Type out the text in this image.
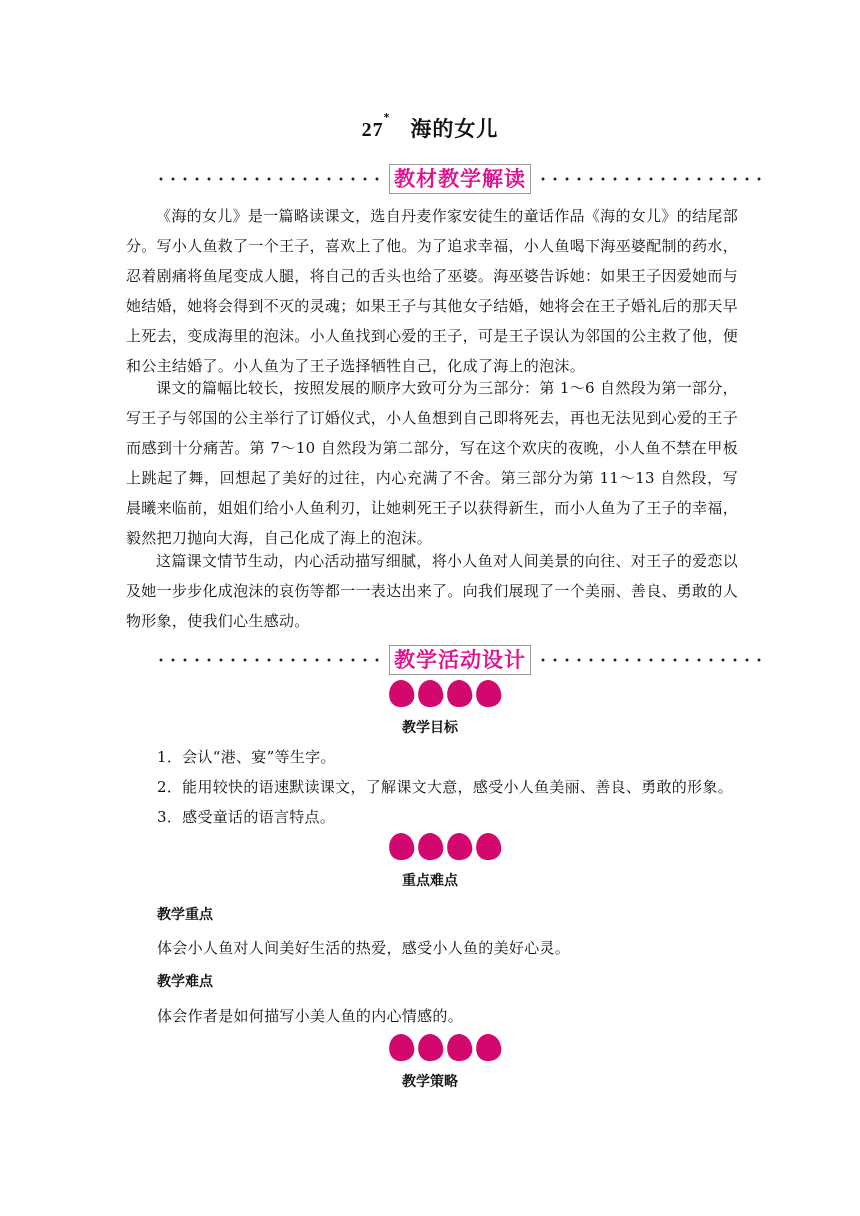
27* 海的女儿
教材教学解读

《海的女儿》是一篇略读课文，选自丹麦作家安徒生的童话作品《海的女儿》的结尾部分。写小人鱼救了一个王子，喜欢上了他。为了追求幸福，小人鱼喝下海巫婆配制的药水，忍着剧痛将鱼尾变成人腿，将自己的舌头也给了巫婆。海巫婆告诉她：如果王子因爱她而与她结婚，她将会得到不灭的灵魂；如果王子与其他女子结婚，她将会在王子婚礼后的那天早上死去，变成海里的泡沫。小人鱼找到心爱的王子，可是王子误认为邻国的公主救了他，便和公主结婚了。小人鱼为了王子选择牺牲自己，化成了海上的泡沫。

课文的篇幅比较长，按照发展的顺序大致可分为三部分：第 1～6 自然段为第一部分，写王子与邻国的公主举行了订婚仪式，小人鱼想到自己即将死去，再也无法见到心爱的王子而感到十分痛苦。第 7～10 自然段为第二部分，写在这个欢庆的夜晚，小人鱼不禁在甲板上跳起了舞，回想起了美好的过往，内心充满了不舍。第三部分为第 11～13 自然段，写晨曦来临前，姐姐们给小人鱼利刃，让她刺死王子以获得新生，而小人鱼为了王子的幸福，毅然把刀抛向大海，自己化成了海上的泡沫。

这篇课文情节生动，内心活动描写细腻，将小人鱼对人间美景的向往、对王子的爱恋以及她一步步化成泡沫的哀伤等都一一表达出来了。向我们展现了一个美丽、善良、勇敢的人物形象，使我们心生感动。

教学活动设计
教学目标
1．会认“港、宴”等生字。
2．能用较快的语速默读课文，了解课文大意，感受小人鱼美丽、善良、勇敢的形象。
3．感受童话的语言特点。
重点难点
教学重点
体会小人鱼对人间美好生活的热爱，感受小人鱼的美好心灵。
教学难点
体会作者是如何描写小美人鱼的内心情感的。
教学策略
